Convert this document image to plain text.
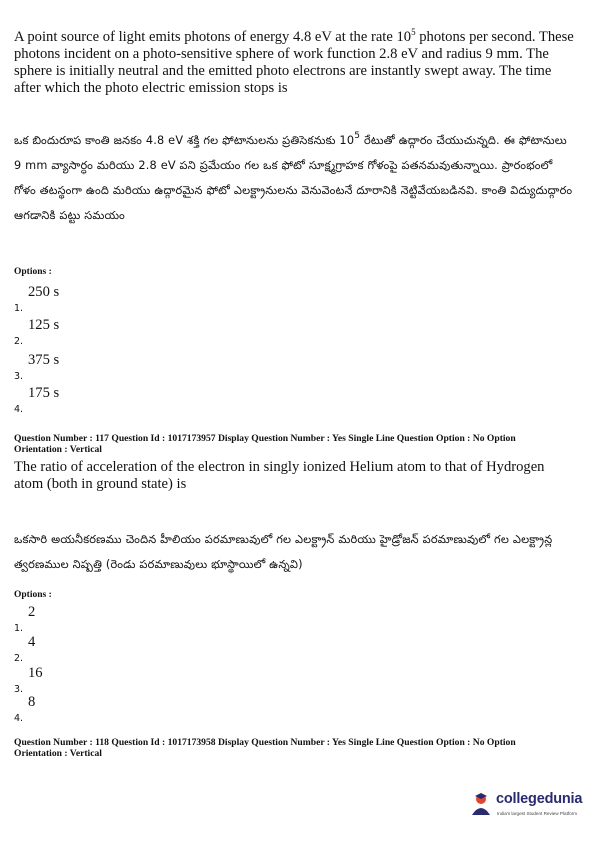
A point source of light emits photons of energy 4.8 eV at the rate $10^5$ photons per second. These photons incident on a photo-sensitive sphere of work function 2.8 eV and radius 9 mm. The sphere is initially neutral and the emitted photo electrons are instantly swept away. The time after which the photo electric emission stops is

ఒక బిందురూప కాంతి జనకం 4.8 eV శక్తి గల ఫోటానులను ప్రతిసెకనుకు $10^5$ రేటుతో ఉద్గారం చేయుచున్నది. ఈ ఫోటానులు 9 mm వ్యాసార్ధం మరియు 2.8 eV పని ప్రమేయం గల ఒక ఫోటో సూక్ష్మగ్రాహక గోళంపై పతనమవుతున్నాయి. ప్రారంభంలో గోళం తటస్థంగా ఉంది మరియు ఉద్గారమైన ఫోటో ఎలక్ట్రానులను వెనువెంటనే దూరానికి నెట్టివేయబడినవి. కాంతి విద్యుదుద్గారం ఆగడానికి పట్టు సమయం
Options :
1.
250 s
2.
125 s
3.
375 s
4.
175 s
Question Number : 117 Question Id : 1017173957 Display Question Number : Yes Single Line Question Option : No Option
Orientation : Vertical

The ratio of acceleration of the electron in singly ionized Helium atom to that of Hydrogen atom (both in ground state) is

ఒకసారి అయనీకరణము చెందిన హీలియం పరమాణువులో గల ఎలక్ట్రాన్ మరియు హైడ్రోజన్ పరమాణువులో గల ఎలక్ట్రాన్ల త్వరణముల నిష్పత్తి (రెండు పరమాణువులు భూస్థాయిలో ఉన్నవి)
Options :
1.
2
2.
4
3.
16
4.
8
Question Number : 118 Question Id : 1017173958 Display Question Number : Yes Single Line Question Option : No Option
Orientation : Vertical
collegedunia
India's largest Student Review Platform
